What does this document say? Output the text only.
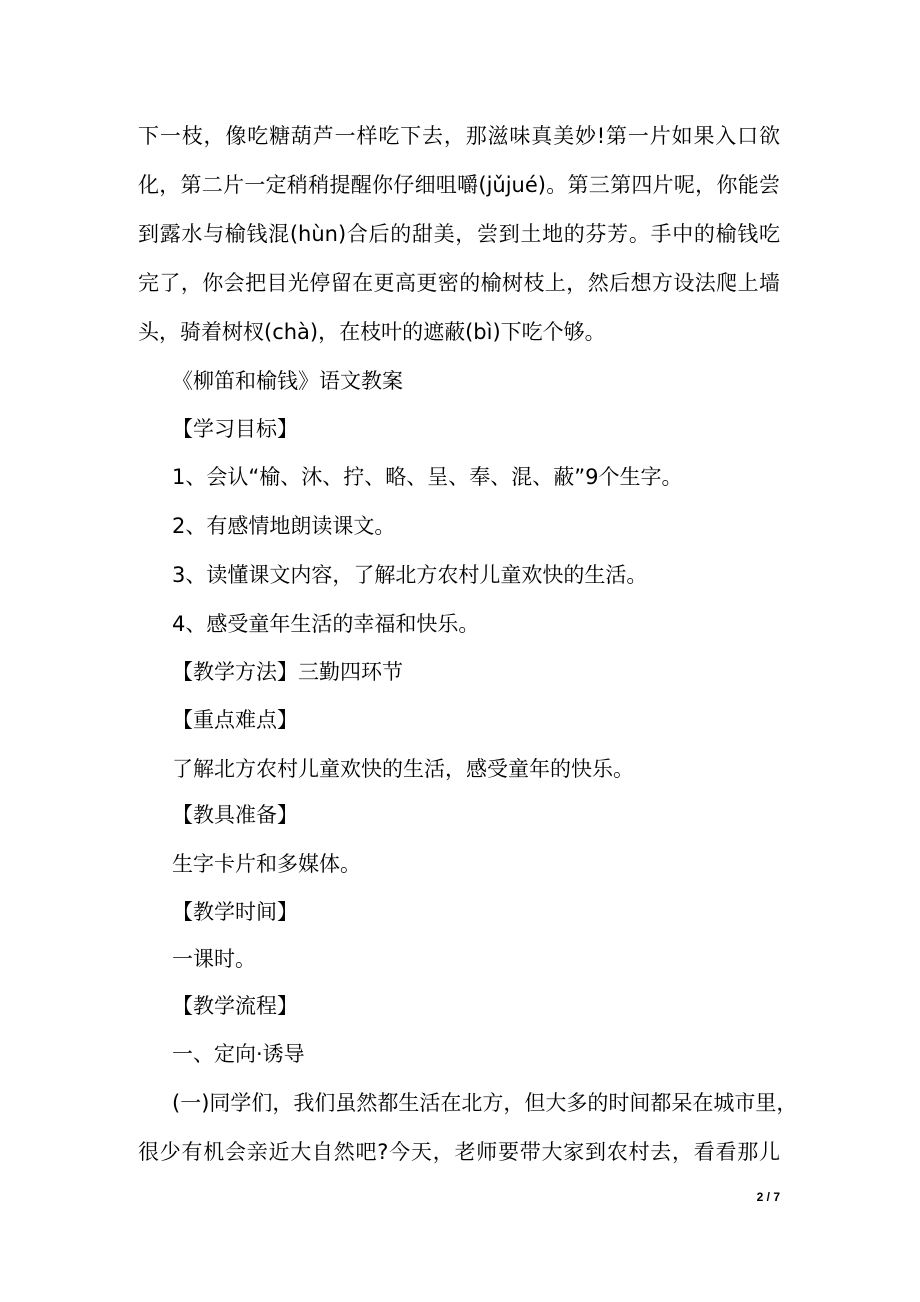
下一枝，像吃糖葫芦一样吃下去，那滋味真美妙!第一片如果入口欲
化，第二片一定稍稍提醒你仔细咀嚼(jǔjué)。第三第四片呢，你能尝
到露水与榆钱混(hùn)合后的甜美，尝到土地的芬芳。手中的榆钱吃
完了，你会把目光停留在更高更密的榆树枝上，然后想方设法爬上墙
头，骑着树杈(chà)，在枝叶的遮蔽(bì)下吃个够。
《柳笛和榆钱》语文教案
【学习目标】
1、会认“榆、沐、拧、略、呈、奉、混、蔽”9个生字。
2、有感情地朗读课文。
3、读懂课文内容，了解北方农村儿童欢快的生活。
4、感受童年生活的幸福和快乐。
【教学方法】三勤四环节
【重点难点】
了解北方农村儿童欢快的生活，感受童年的快乐。
【教具准备】
生字卡片和多媒体。
【教学时间】
一课时。
【教学流程】
一、定向·诱导
(一)同学们，我们虽然都生活在北方，但大多的时间都呆在城市里，
很少有机会亲近大自然吧?今天，老师要带大家到农村去，看看那儿
2 / 7
